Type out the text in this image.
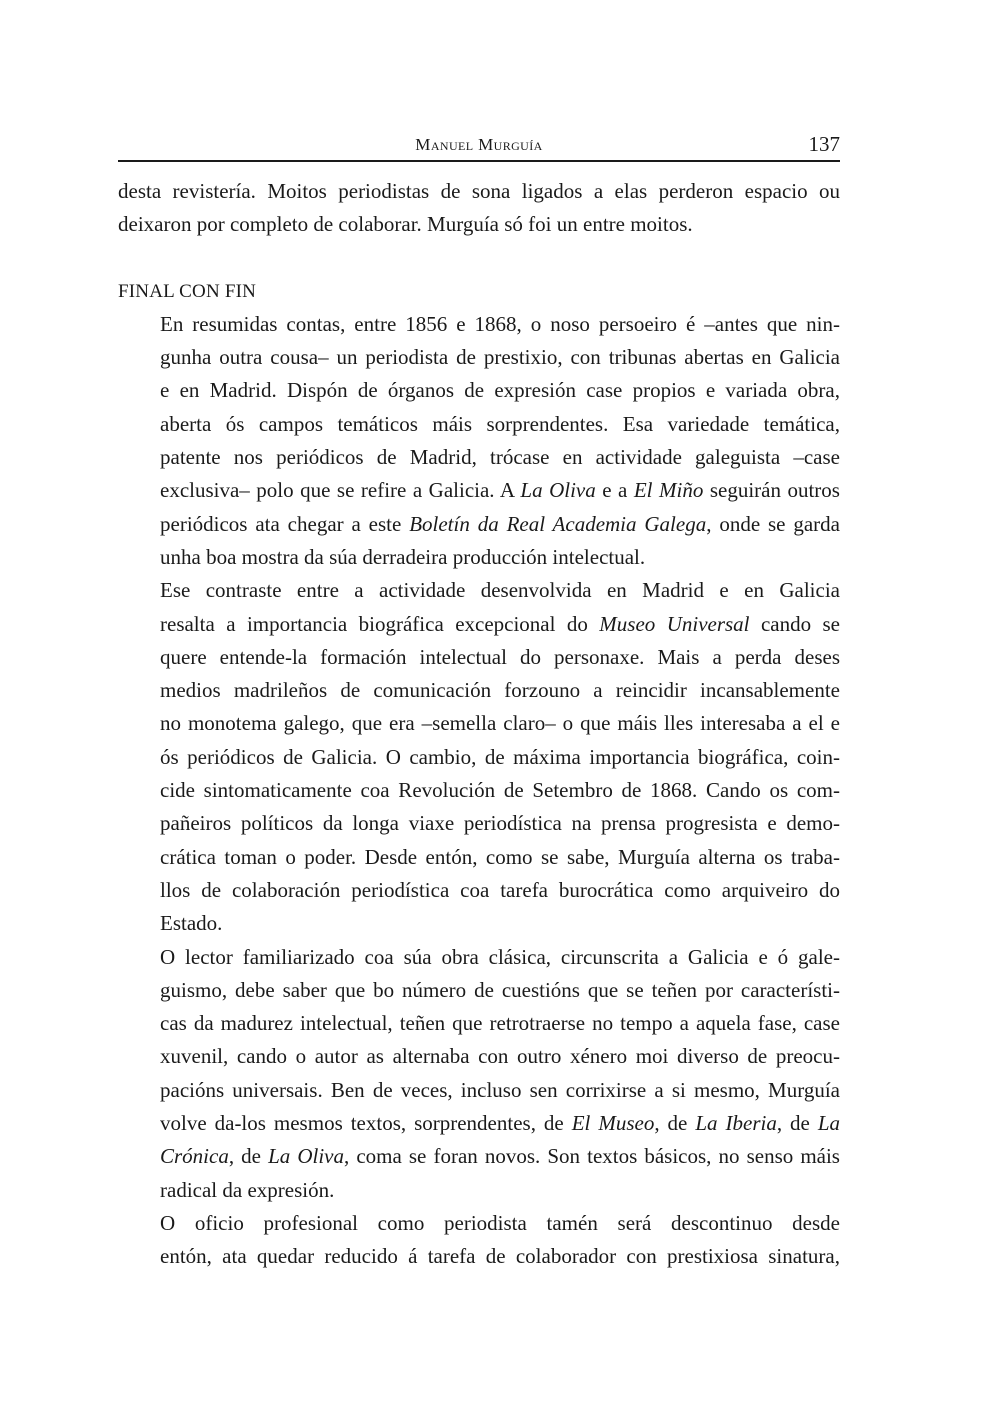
Manuel Murguía	137

desta revistería. Moitos periodistas de sona ligados a elas perderon espacio ou
deixaron por completo de colaborar. Murguía só foi un entre moitos.

FINAL CON FIN

En resumidas contas, entre 1856 e 1868, o noso persoeiro é –antes que nin-
gunha outra cousa– un periodista de prestixio, con tribunas abertas en Galicia
e en Madrid. Dispón de órganos de expresión case propios e variada obra,
aberta ós campos temáticos máis sorprendentes. Esa variedade temática,
patente nos periódicos de Madrid, trócase en actividade galeguista –case
exclusiva– polo que se refire a Galicia. A La Oliva e a El Miño seguirán outros
periódicos ata chegar a este Boletín da Real Academia Galega, onde se garda
unha boa mostra da súa derradeira producción intelectual.

Ese contraste entre a actividade desenvolvida en Madrid e en Galicia
resalta a importancia biográfica excepcional do Museo Universal cando se
quere entende-la formación intelectual do personaxe. Mais a perda deses
medios madrileños de comunicación forzouno a reincidir incansablemente
no monotema galego, que era –semella claro– o que máis lles interesaba a el e
ós periódicos de Galicia. O cambio, de máxima importancia biográfica, coin-
cide sintomaticamente coa Revolución de Setembro de 1868. Cando os com-
pañeiros políticos da longa viaxe periodística na prensa progresista e demo-
crática toman o poder. Desde entón, como se sabe, Murguía alterna os traba-
llos de colaboración periodística coa tarefa burocrática como arquiveiro do
Estado.

O lector familiarizado coa súa obra clásica, circunscrita a Galicia e ó gale-
guismo, debe saber que bo número de cuestións que se teñen por característi-
cas da madurez intelectual, teñen que retrotraerse no tempo a aquela fase, case
xuvenil, cando o autor as alternaba con outro xénero moi diverso de preocu-
pacións universais. Ben de veces, incluso sen corrixirse a si mesmo, Murguía
volve da-los mesmos textos, sorprendentes, de El Museo, de La Iberia, de La
Crónica, de La Oliva, coma se foran novos. Son textos básicos, no senso máis
radical da expresión.

O oficio profesional como periodista tamén será descontinuo desde
entón, ata quedar reducido á tarefa de colaborador con prestixiosa sinatura,
